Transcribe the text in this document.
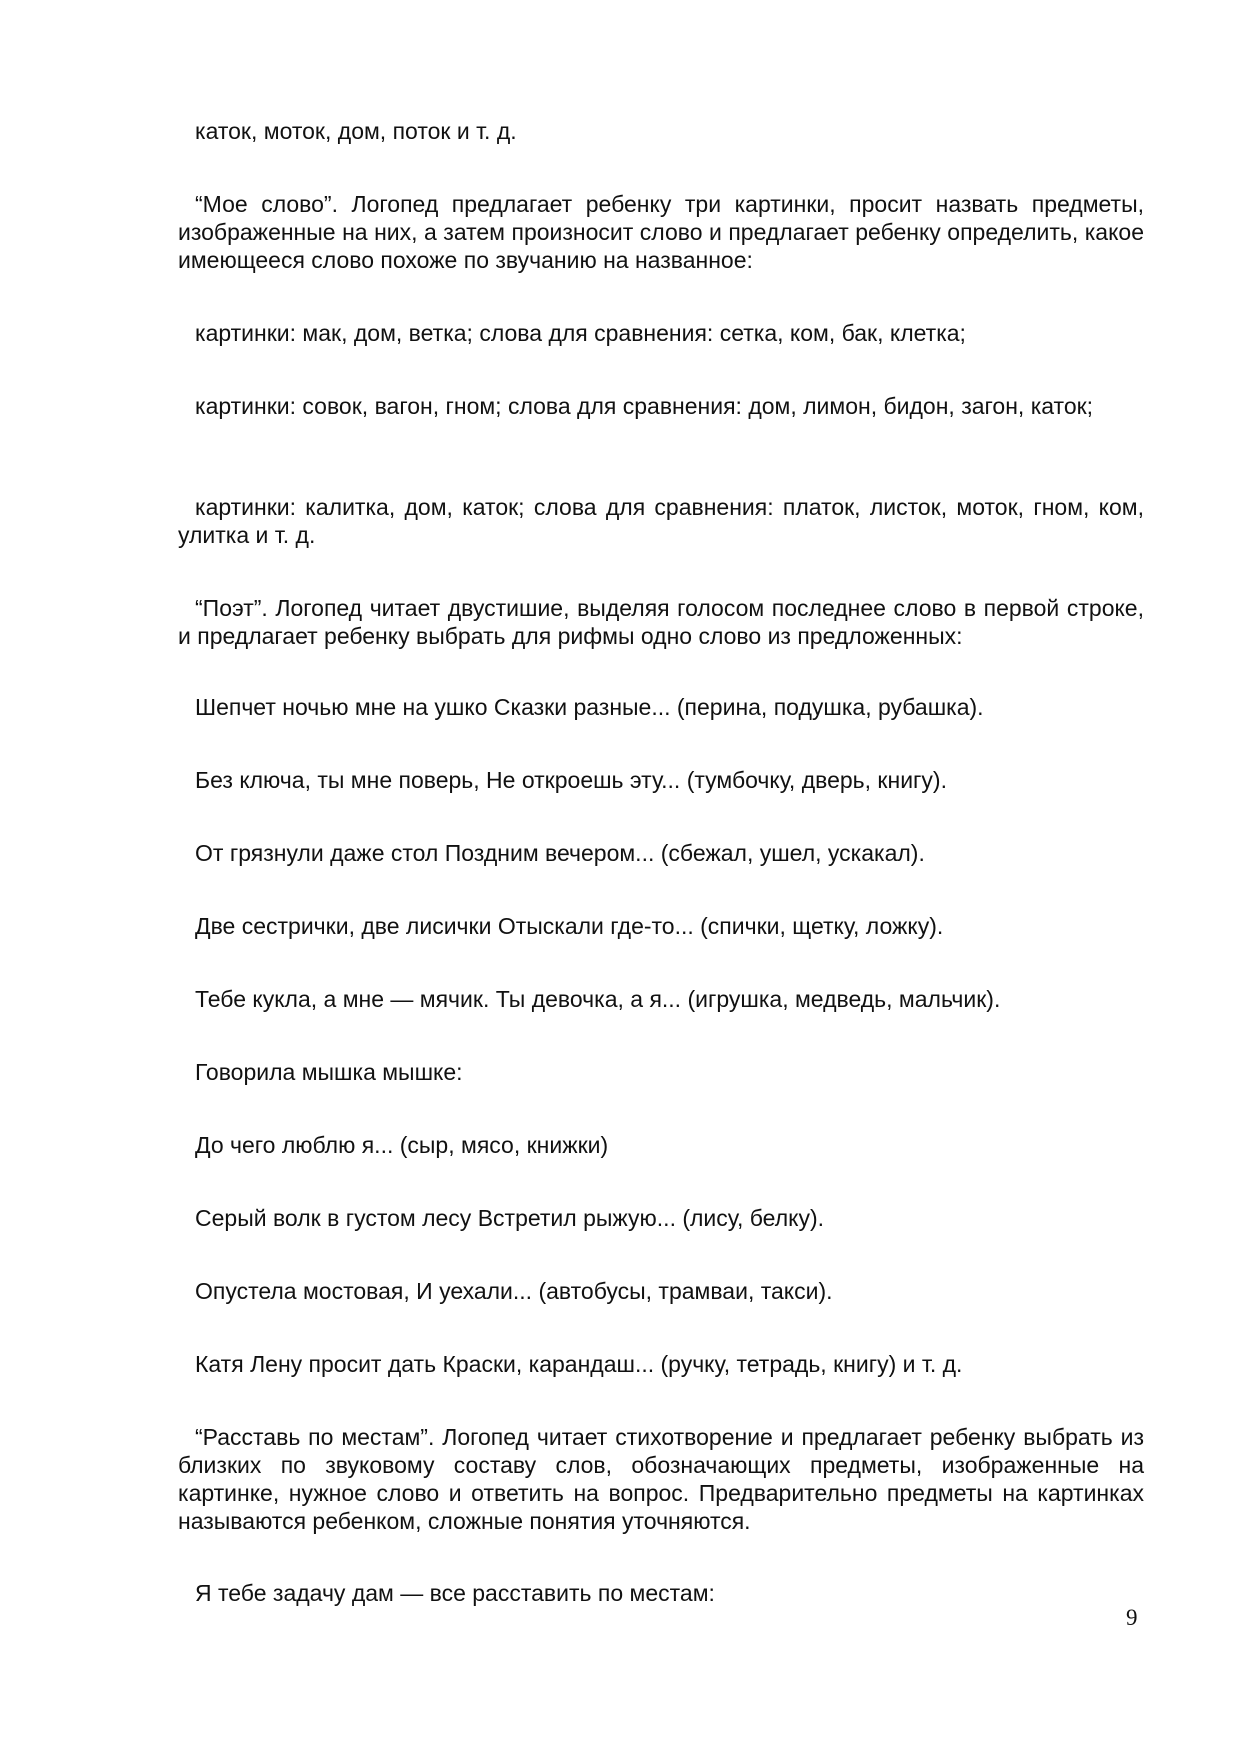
каток, моток, дом, поток и т. д.

“Мое слово”. Логопед предлагает ребенку три картинки, просит назвать предметы, изображенные на них, а затем произносит слово и предлагает ребенку определить, какое имеющееся слово похоже по звучанию на названное:

картинки: мак, дом, ветка; слова для сравнения: сетка, ком, бак, клетка;

картинки: совок, вагон, гном; слова для сравнения: дом, лимон, бидон, загон, каток;

картинки: калитка, дом, каток; слова для сравнения: платок, листок, моток, гном, ком, улитка и т. д.

“Поэт”. Логопед читает двустишие, выделяя голосом последнее слово в первой строке, и предлагает ребенку выбрать для рифмы одно слово из предложенных:

Шепчет ночью мне на ушко Сказки разные... (перина, подушка, рубашка).

Без ключа, ты мне поверь, Не откроешь эту... (тумбочку, дверь, книгу).

От грязнули даже стол Поздним вечером... (сбежал, ушел, ускакал).

Две сестрички, две лисички Отыскали где-то... (спички, щетку, ложку).

Тебе кукла, а мне — мячик. Ты девочка, а я... (игрушка, медведь, мальчик).

Говорила мышка мышке:

До чего люблю я... (сыр, мясо, книжки)

Серый волк в густом лесу Встретил рыжую... (лису, белку).

Опустела мостовая, И уехали... (автобусы, трамваи, такси).

Катя Лену просит дать Краски, карандаш... (ручку, тетрадь, книгу) и т. д.

“Расставь по местам”. Логопед читает стихотворение и предлагает ребенку выбрать из близких по звуковому составу слов, обозначающих предметы, изображенные на картинке, нужное слово и ответить на вопрос. Предварительно предметы на картинках называются ребенком, сложные понятия уточняются.

Я тебе задачу дам — все расставить по местам:

9
